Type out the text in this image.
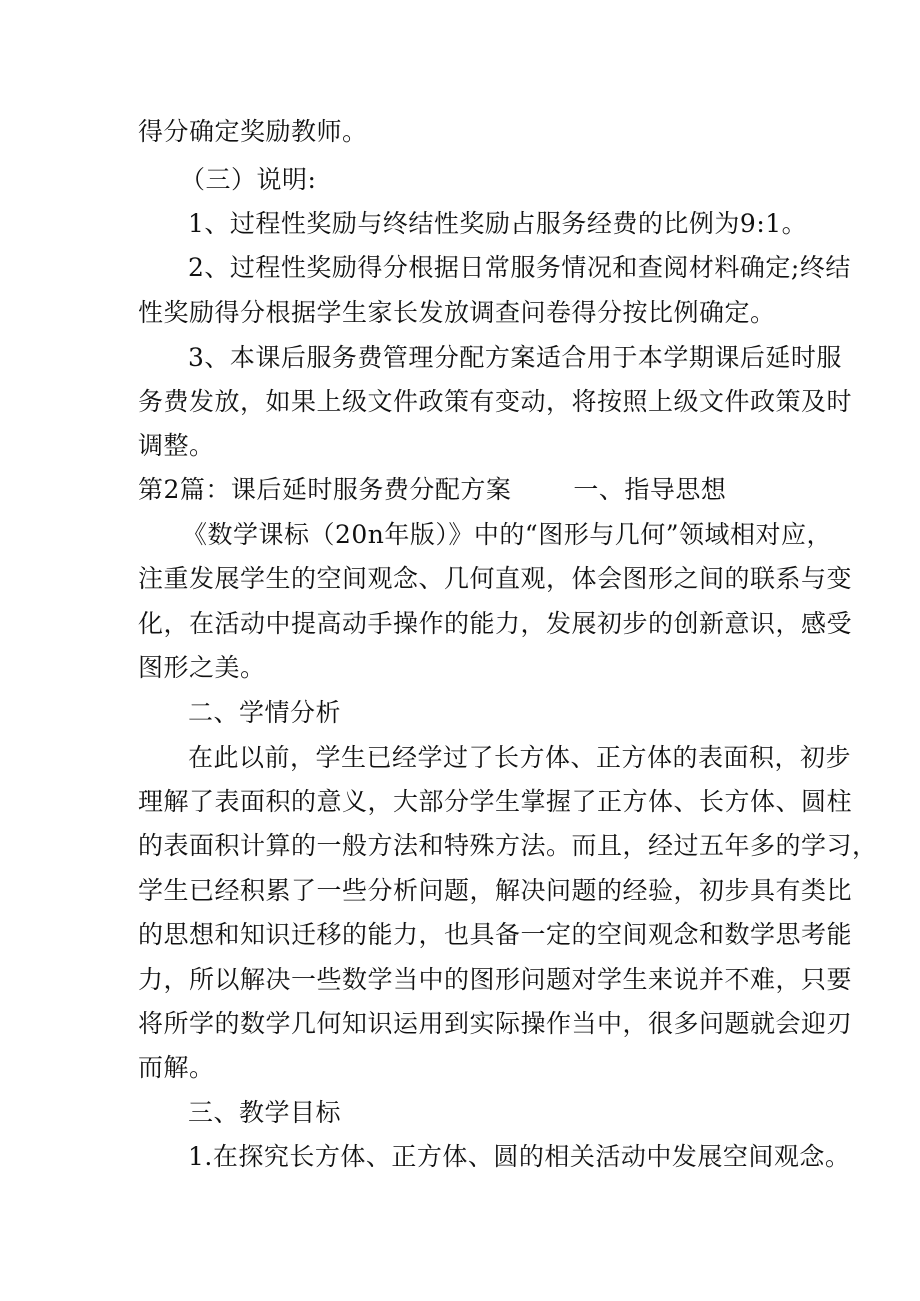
得分确定奖励教师。
（三）说明:
1、过程性奖励与终结性奖励占服务经费的比例为9:1。
2、过程性奖励得分根据日常服务情况和查阅材料确定;终结
性奖励得分根据学生家长发放调查问卷得分按比例确定。
3、本课后服务费管理分配方案适合用于本学期课后延时服
务费发放，如果上级文件政策有变动，将按照上级文件政策及时
调整。
第2篇：课后延时服务费分配方案 一、指导思想
《数学课标（20n年版）》中的“图形与几何”领域相对应，
注重发展学生的空间观念、几何直观，体会图形之间的联系与变
化，在活动中提高动手操作的能力，发展初步的创新意识，感受
图形之美。
二、学情分析
在此以前，学生已经学过了长方体、正方体的表面积，初步
理解了表面积的意义，大部分学生掌握了正方体、长方体、圆柱
的表面积计算的一般方法和特殊方法。而且，经过五年多的学习，
学生已经积累了一些分析问题，解决问题的经验，初步具有类比
的思想和知识迁移的能力，也具备一定的空间观念和数学思考能
力，所以解决一些数学当中的图形问题对学生来说并不难，只要
将所学的数学几何知识运用到实际操作当中，很多问题就会迎刃
而解。
三、教学目标
1.在探究长方体、正方体、圆的相关活动中发展空间观念。
